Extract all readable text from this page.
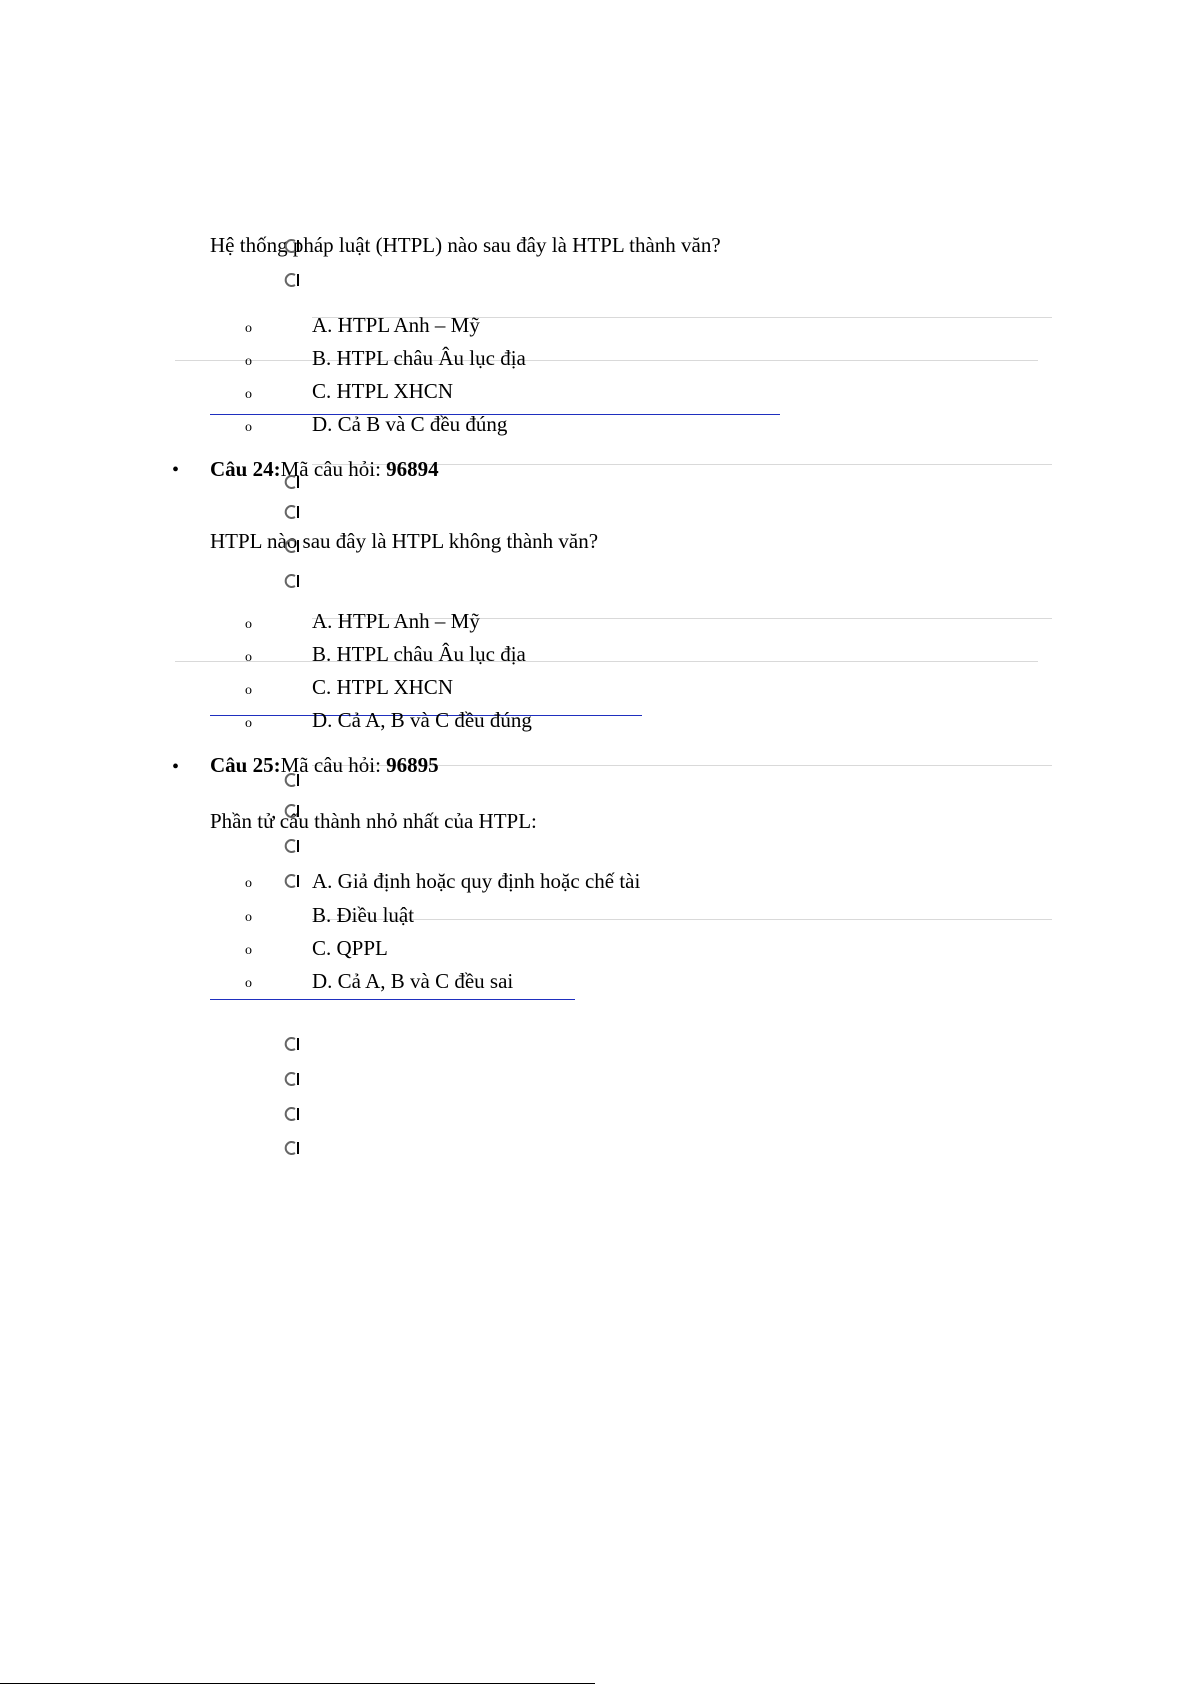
Hệ thống pháp luật (HTPL) nào sau đây là HTPL thành văn?
o	A. HTPL Anh – Mỹ
o	B. HTPL châu Âu lục địa
o	C. HTPL XHCN
o	D. Cả B và C đều đúng
• Câu 24:Mã câu hỏi: 96894
HTPL nào sau đây là HTPL không thành văn?
o	A. HTPL Anh – Mỹ
o	B. HTPL châu Âu lục địa
o	C. HTPL XHCN
o	D. Cả A, B và C đều đúng
• Câu 25:Mã câu hỏi: 96895
Phần tử cấu thành nhỏ nhất của HTPL:
o	A. Giả định hoặc quy định hoặc chế tài
o	B. Điều luật
o	C. QPPL
o	D. Cả A, B và C đều sai
